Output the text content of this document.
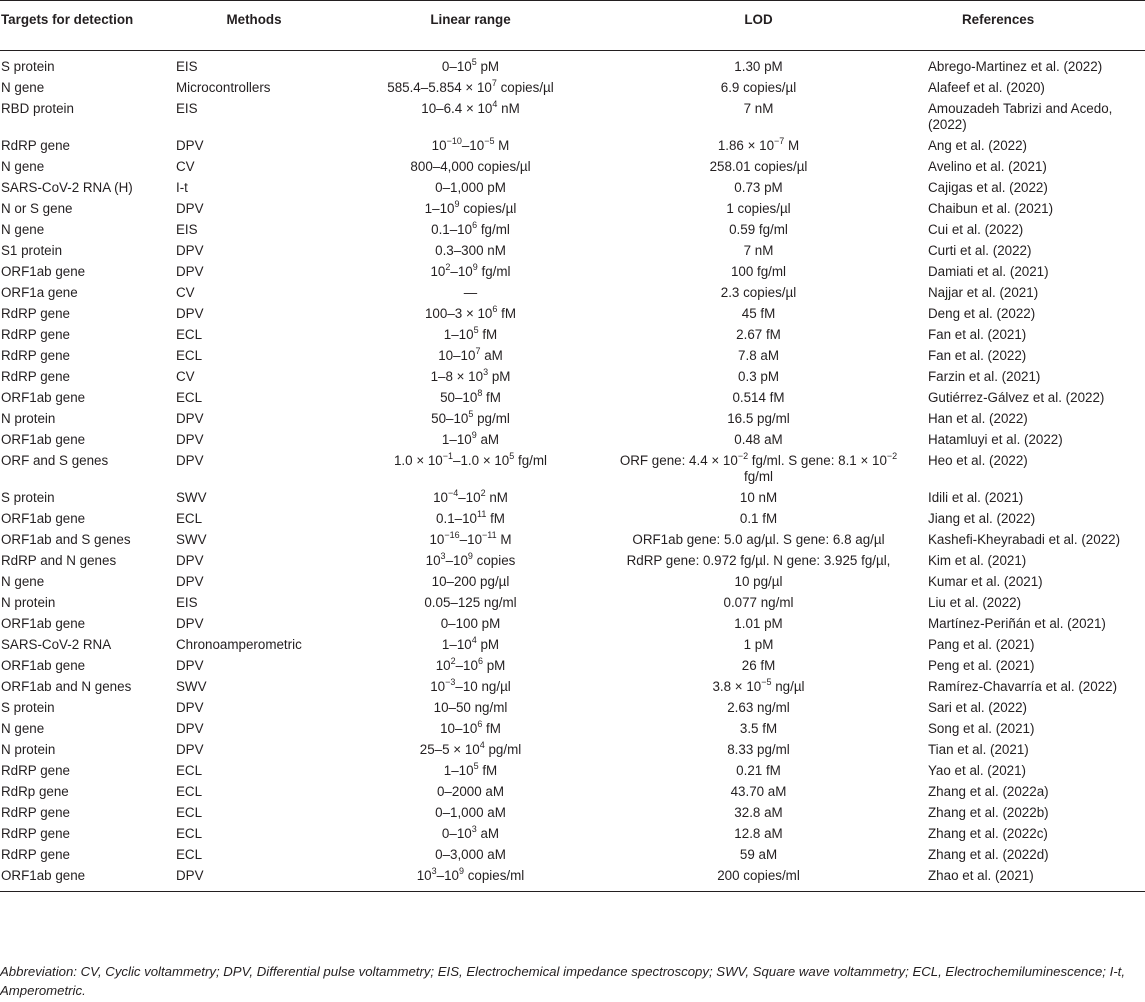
Targets for detection	Methods	Linear range	LOD	References
S protein	EIS	$0-10^5$ pM	1.30 pM	Abrego-Martinez et al. (2022)
N gene	Microcontrollers	$585.4-5.854 \times 10^7$ copies/µl	6.9 copies/µl	Alafeef et al. (2020)
RBD protein	EIS	$10-6.4 \times 10^4$ nM	7 nM	Amouzadeh Tabrizi and Acedo, (2022)
RdRP gene	DPV	$10^{-10}-10^{-5}$ M	$1.86 \times 10^{-7}$ M	Ang et al. (2022)
N gene	CV	800–4,000 copies/µl	258.01 copies/µl	Avelino et al. (2021)
SARS-CoV-2 RNA (H)	I-t	0–1,000 pM	0.73 pM	Cajigas et al. (2022)
N or S gene	DPV	$1-10^9$ copies/µl	1 copies/µl	Chaibun et al. (2021)
N gene	EIS	$0.1-10^6$ fg/ml	0.59 fg/ml	Cui et al. (2022)
S1 protein	DPV	0.3–300 nM	7 nM	Curti et al. (2022)
ORF1ab gene	DPV	$10^2-10^9$ fg/ml	100 fg/ml	Damiati et al. (2021)
ORF1a gene	CV	—	2.3 copies/µl	Najjar et al. (2021)
RdRP gene	DPV	$100-3 \times 10^6$ fM	45 fM	Deng et al. (2022)
RdRP gene	ECL	$1-10^5$ fM	2.67 fM	Fan et al. (2021)
RdRP gene	ECL	$10-10^7$ aM	7.8 aM	Fan et al. (2022)
RdRP gene	CV	$1-8 \times 10^3$ pM	0.3 pM	Farzin et al. (2021)
ORF1ab gene	ECL	$50-10^8$ fM	0.514 fM	Gutiérrez-Gálvez et al. (2022)
N protein	DPV	$50-10^5$ pg/ml	16.5 pg/ml	Han et al. (2022)
ORF1ab gene	DPV	$1-10^9$ aM	0.48 aM	Hatamluyi et al. (2022)
ORF and S genes	DPV	$1.0 \times 10^{-1}-1.0 \times 10^5$ fg/ml	ORF gene: $4.4 \times 10^{-2}$ fg/ml. S gene: $8.1 \times 10^{-2}$ fg/ml	Heo et al. (2022)
S protein	SWV	$10^{-4}-10^2$ nM	10 nM	Idili et al. (2021)
ORF1ab gene	ECL	$0.1-10^{11}$ fM	0.1 fM	Jiang et al. (2022)
ORF1ab and S genes	SWV	$10^{-16}-10^{-11}$ M	ORF1ab gene: 5.0 ag/µl. S gene: 6.8 ag/µl	Kashefi-Kheyrabadi et al. (2022)
RdRP and N genes	DPV	$10^3-10^9$ copies	RdRP gene: 0.972 fg/µl. N gene: 3.925 fg/µl,	Kim et al. (2021)
N gene	DPV	10–200 pg/µl	10 pg/µl	Kumar et al. (2021)
N protein	EIS	0.05–125 ng/ml	0.077 ng/ml	Liu et al. (2022)
ORF1ab gene	DPV	0–100 pM	1.01 pM	Martínez-Periñán et al. (2021)
SARS-CoV-2 RNA	Chronoamperometric	$1-10^4$ pM	1 pM	Pang et al. (2021)
ORF1ab gene	DPV	$10^2-10^6$ pM	26 fM	Peng et al. (2021)
ORF1ab and N genes	SWV	$10^{-3}-10$ ng/µl	$3.8 \times 10^{-5}$ ng/µl	Ramírez-Chavarría et al. (2022)
S protein	DPV	10–50 ng/ml	2.63 ng/ml	Sari et al. (2022)
N gene	DPV	$10-10^6$ fM	3.5 fM	Song et al. (2021)
N protein	DPV	$25-5 \times 10^4$ pg/ml	8.33 pg/ml	Tian et al. (2021)
RdRP gene	ECL	$1-10^5$ fM	0.21 fM	Yao et al. (2021)
RdRp gene	ECL	0–2000 aM	43.70 aM	Zhang et al. (2022a)
RdRP gene	ECL	0–1,000 aM	32.8 aM	Zhang et al. (2022b)
RdRP gene	ECL	$0-10^3$ aM	12.8 aM	Zhang et al. (2022c)
RdRP gene	ECL	0–3,000 aM	59 aM	Zhang et al. (2022d)
ORF1ab gene	DPV	$10^3-10^9$ copies/ml	200 copies/ml	Zhao et al. (2021)
Abbreviation: CV, Cyclic voltammetry; DPV, Differential pulse voltammetry; EIS, Electrochemical impedance spectroscopy; SWV, Square wave voltammetry; ECL, Electrochemiluminescence; I-t, Amperometric.
